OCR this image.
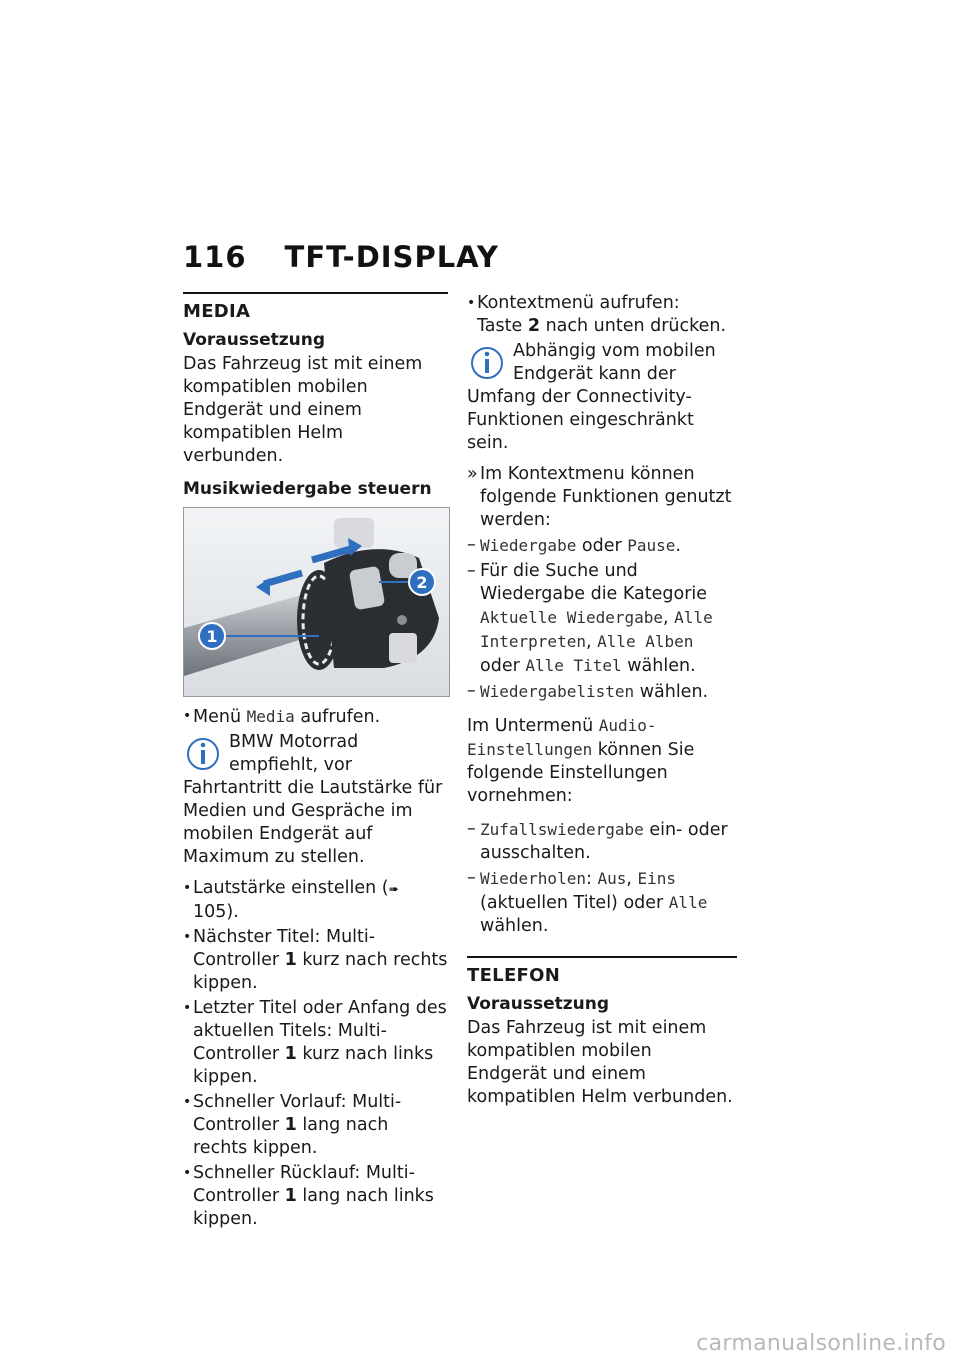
116 TFT-DISPLAY
MEDIA
Voraussetzung

Das Fahrzeug ist mit einem kompatiblen mobilen Endgerät und einem kompatiblen Helm verbunden.

Musikwiedergabe steuern
1
2
• Menü Media aufrufen.
BMW Motorrad empfiehlt, vor Fahrtantritt die Lautstärke für Medien und Gespräche im mobilen Endgerät auf Maximum zu stellen.
• Lautstärke einstellen (➠ 105).
• Nächster Titel: Multi-Controller 1 kurz nach rechts kippen.
• Letzter Titel oder Anfang des aktuellen Titels: Multi-Controller 1 kurz nach links kippen.
• Schneller Vorlauf: Multi-Controller 1 lang nach rechts kippen.
• Schneller Rücklauf: Multi-Controller 1 lang nach links kippen.
• Kontextmenü aufrufen:
Taste 2 nach unten drücken.
Abhängig vom mobilen Endgerät kann der Umfang der Connectivity-Funktionen eingeschränkt sein.
» Im Kontextmenu können folgende Funktionen genutzt werden:
– Wiedergabe oder Pause.
– Für die Suche und Wiedergabe die Kategorie Aktuelle Wiedergabe, Alle Interpreten, Alle Alben oder Alle Titel wählen.
– Wiedergabelisten wählen.

Im Untermenü Audio-Einstellungen können Sie folgende Einstellungen vornehmen:

– Zufallswiedergabe ein- oder ausschalten.
– Wiederholen: Aus, Eins (aktuellen Titel) oder Alle wählen.
TELEFON
Voraussetzung

Das Fahrzeug ist mit einem kompatiblen mobilen Endgerät und einem kompatiblen Helm verbunden.

carmanualsonline.info
